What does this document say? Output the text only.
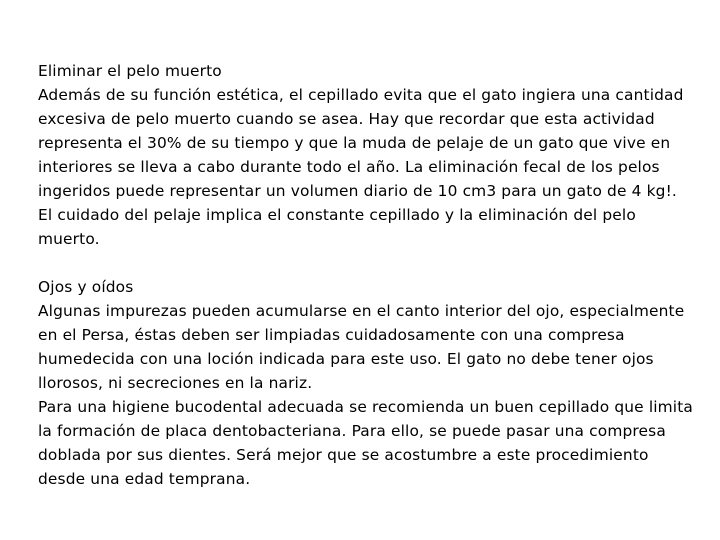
Eliminar el pelo muerto
Además de su función estética, el cepillado evita que el gato ingiera una cantidad excesiva de pelo muerto cuando se asea. Hay que recordar que esta actividad representa el 30% de su tiempo y que la muda de pelaje de un gato que vive en interiores se lleva a cabo durante todo el año. La eliminación fecal de los pelos ingeridos puede representar un volumen diario de 10 cm3 para un gato de 4 kg!.
El cuidado del pelaje implica el constante cepillado y la eliminación del pelo muerto.
Ojos y oídos
Algunas impurezas pueden acumularse en el canto interior del ojo, especialmente en el Persa, éstas deben ser limpiadas cuidadosamente con una compresa humedecida con una loción indicada para este uso. El gato no debe tener ojos llorosos, ni secreciones en la nariz.
Para una higiene bucodental adecuada se recomienda un buen cepillado que limita la formación de placa dentobacteriana. Para ello, se puede pasar una compresa doblada por sus dientes. Será mejor que se acostumbre a este procedimiento desde una edad temprana.
